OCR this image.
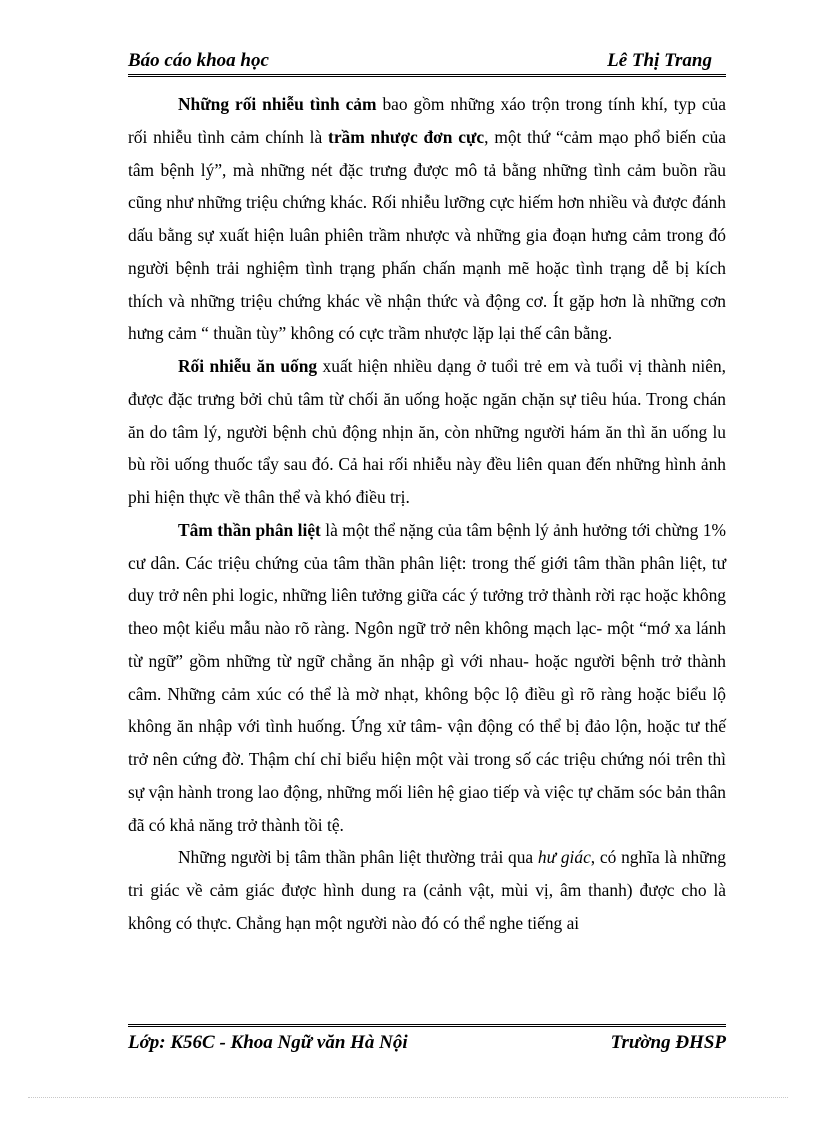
Báo cáo khoa học	Lê Thị Trang

Những rối nhiễu tình cảm bao gồm những xáo trộn trong tính khí, typ của rối nhiễu tình cảm chính là trầm nhược đơn cực, một thứ “cảm mạo phổ biến của tâm bệnh lý”, mà những nét đặc trưng được mô tả bằng những tình cảm buồn rầu cũng như những triệu chứng khác. Rối nhiễu lưỡng cực hiếm hơn nhiều và được đánh dấu bằng sự xuất hiện luân phiên trầm nhược và những gia đoạn hưng cảm trong đó người bệnh trải nghiệm tình trạng phấn chấn mạnh mẽ hoặc tình trạng dễ bị kích thích và những triệu chứng khác về nhận thức và động cơ. Ít gặp hơn là những cơn hưng cảm “ thuần tùy” không có cực trầm nhược lặp lại thế cân bằng.

Rối nhiễu ăn uống xuất hiện nhiều dạng ở tuổi trẻ em và tuổi vị thành niên, được đặc trưng bởi chủ tâm từ chối ăn uống hoặc ngăn chặn sự tiêu húa. Trong chán ăn do tâm lý, người bệnh chủ động nhịn ăn, còn những người hám ăn thì ăn uống lu bù rồi uống thuốc tẩy sau đó. Cả hai rối nhiễu này đều liên quan đến những hình ảnh phi hiện thực về thân thể và khó điều trị.

Tâm thần phân liệt là một thể nặng của tâm bệnh lý ảnh hưởng tới chừng 1% cư dân. Các triệu chứng của tâm thần phân liệt: trong thế giới tâm thần phân liệt, tư duy trở nên phi logic, những liên tưởng giữa các ý tưởng trở thành rời rạc hoặc không theo một kiểu mẫu nào rõ ràng. Ngôn ngữ trở nên không mạch lạc- một “mớ xa lánh từ ngữ” gồm những từ ngữ chẳng ăn nhập gì với nhau- hoặc người bệnh trở thành câm. Những cảm xúc có thể là mờ nhạt, không bộc lộ điều gì rõ ràng hoặc biểu lộ không ăn nhập với tình huống. Ứng xử tâm- vận động có thể bị đảo lộn, hoặc tư thế trở nên cứng đờ. Thậm chí chỉ biểu hiện một vài trong số các triệu chứng nói trên thì sự vận hành trong lao động, những mối liên hệ giao tiếp và việc tự chăm sóc bản thân đã có khả năng trở thành tồi tệ.

Những người bị tâm thần phân liệt thường trải qua hư giác, có nghĩa là những tri giác về cảm giác được hình dung ra (cảnh vật, mùi vị, âm thanh) được cho là không có thực. Chẳng hạn một người nào đó có thể nghe tiếng ai

Lớp: K56C - Khoa Ngữ văn Hà Nội	Trường ĐHSP
